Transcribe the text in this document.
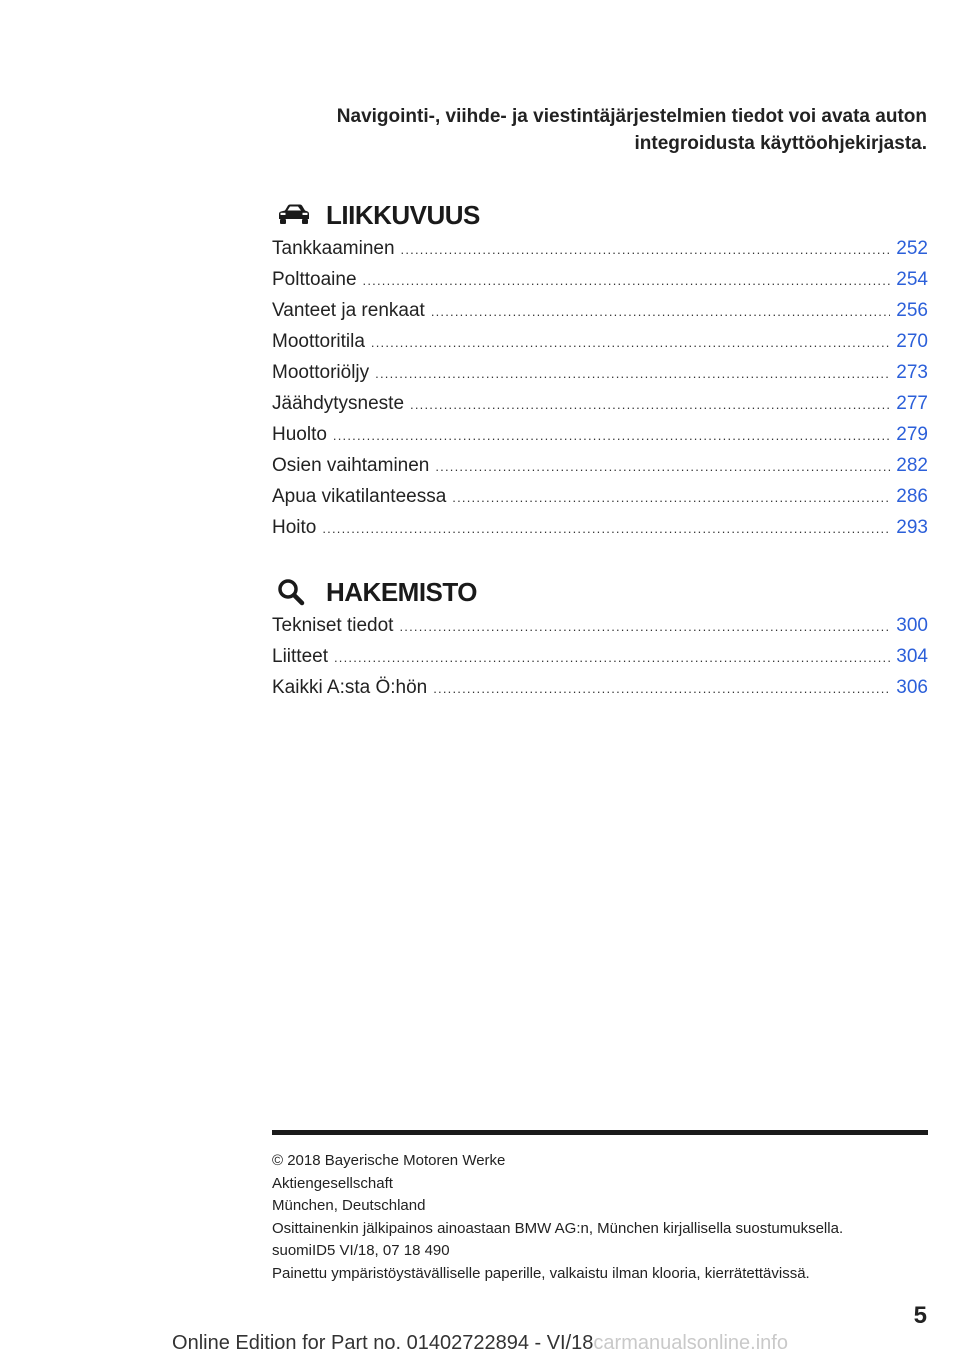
Navigointi-, viihde- ja viestintäjärjestelmien tiedot voi avata auton
integroidusta käyttöohjekirjasta.
LIIKKUVUUS
Tankkaaminen .....	252
Polttoaine .....	254
Vanteet ja renkaat .....	256
Moottoritila .....	270
Moottoriöljy .....	273
Jäähdytysneste .....	277
Huolto .....	279
Osien vaihtaminen .....	282
Apua vikatilanteessa .....	286
Hoito .....	293
HAKEMISTO
Tekniset tiedot .....	300
Liitteet .....	304
Kaikki A:sta Ö:hön .....	306
© 2018 Bayerische Motoren Werke
Aktiengesellschaft
München, Deutschland
Osittainenkin jälkipainos ainoastaan BMW AG:n, München kirjallisella suostumuksella.
suomiID5 VI/18, 07 18 490
Painettu ympäristöystävälliselle paperille, valkaistu ilman klooria, kierrätettävissä.
5
Online Edition for Part no. 01402722894 - VI/18carmanualsonline.info
